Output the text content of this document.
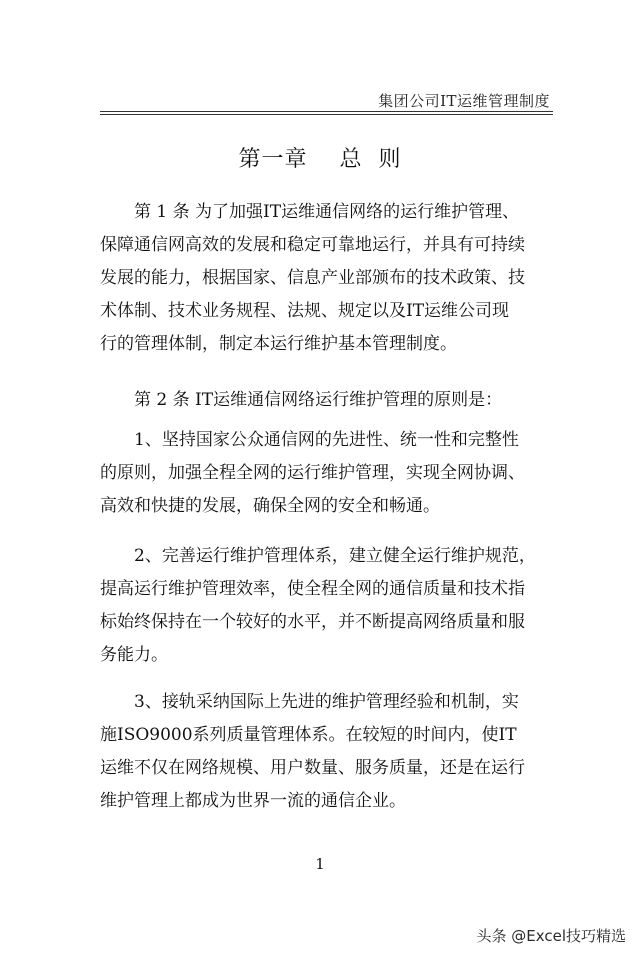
集团公司IT运维管理制度
第一章    总  则
第 1 条 为了加强IT运维通信网络的运行维护管理、
保障通信网高效的发展和稳定可靠地运行，并具有可持续
发展的能力，根据国家、信息产业部颁布的技术政策、技
术体制、技术业务规程、法规、规定以及IT运维公司现
行的管理体制，制定本运行维护基本管理制度。
第 2 条 IT运维通信网络运行维护管理的原则是：
1、坚持国家公众通信网的先进性、统一性和完整性
的原则，加强全程全网的运行维护管理，实现全网协调、
高效和快捷的发展，确保全网的安全和畅通。
2、完善运行维护管理体系，建立健全运行维护规范，
提高运行维护管理效率，使全程全网的通信质量和技术指
标始终保持在一个较好的水平，并不断提高网络质量和服
务能力。
3、接轨采纳国际上先进的维护管理经验和机制，实
施ISO9000系列质量管理体系。在较短的时间内，使IT
运维不仅在网络规模、用户数量、服务质量，还是在运行
维护管理上都成为世界一流的通信企业。
1
头条 @Excel技巧精选
